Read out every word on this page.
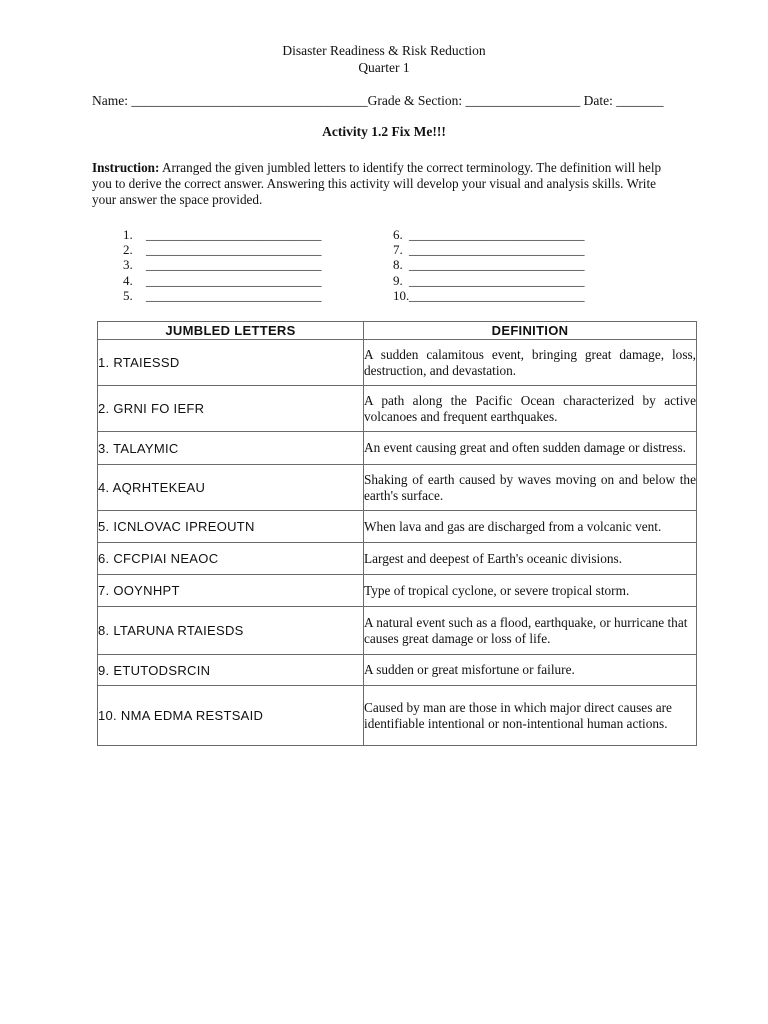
Disaster Readiness & Risk Reduction
Quarter 1
Name: ___________________________________Grade & Section: _________________ Date: _______
Activity 1.2 Fix Me!!!
Instruction: Arranged the given jumbled letters to identify the correct terminology. The definition will help you to derive the correct answer. Answering this activity will develop your visual and analysis skills. Write your answer the space provided.
1. ___________________________
2. ___________________________
3. ___________________________
4. ___________________________
5. ___________________________
6. ___________________________
7. ___________________________
8. ___________________________
9. ___________________________
10.___________________________
JUMBLED LETTERS	DEFINITION
1. RTAIESSD	A sudden calamitous event, bringing great damage, loss, destruction, and devastation.
2. GRNI FO IEFR	A path along the Pacific Ocean characterized by active volcanoes and frequent earthquakes.
3. TALAYMIC	An event causing great and often sudden damage or distress.
4. AQRHTEKEAU	Shaking of earth caused by waves moving on and below the earth's surface.
5. ICNLOVAC IPREOUTN	When lava and gas are discharged from a volcanic vent.
6. CFCPIAI NEAOC	Largest and deepest of Earth's oceanic divisions.
7. OOYNHPT	Type of tropical cyclone, or severe tropical storm.
8. LTARUNA RTAIESDS	A natural event such as a flood, earthquake, or hurricane that causes great damage or loss of life.
9. ETUTODSRCIN	A sudden or great misfortune or failure.
10. NMA EDMA RESTSAID	Caused by man are those in which major direct causes are identifiable intentional or non-intentional human actions.
